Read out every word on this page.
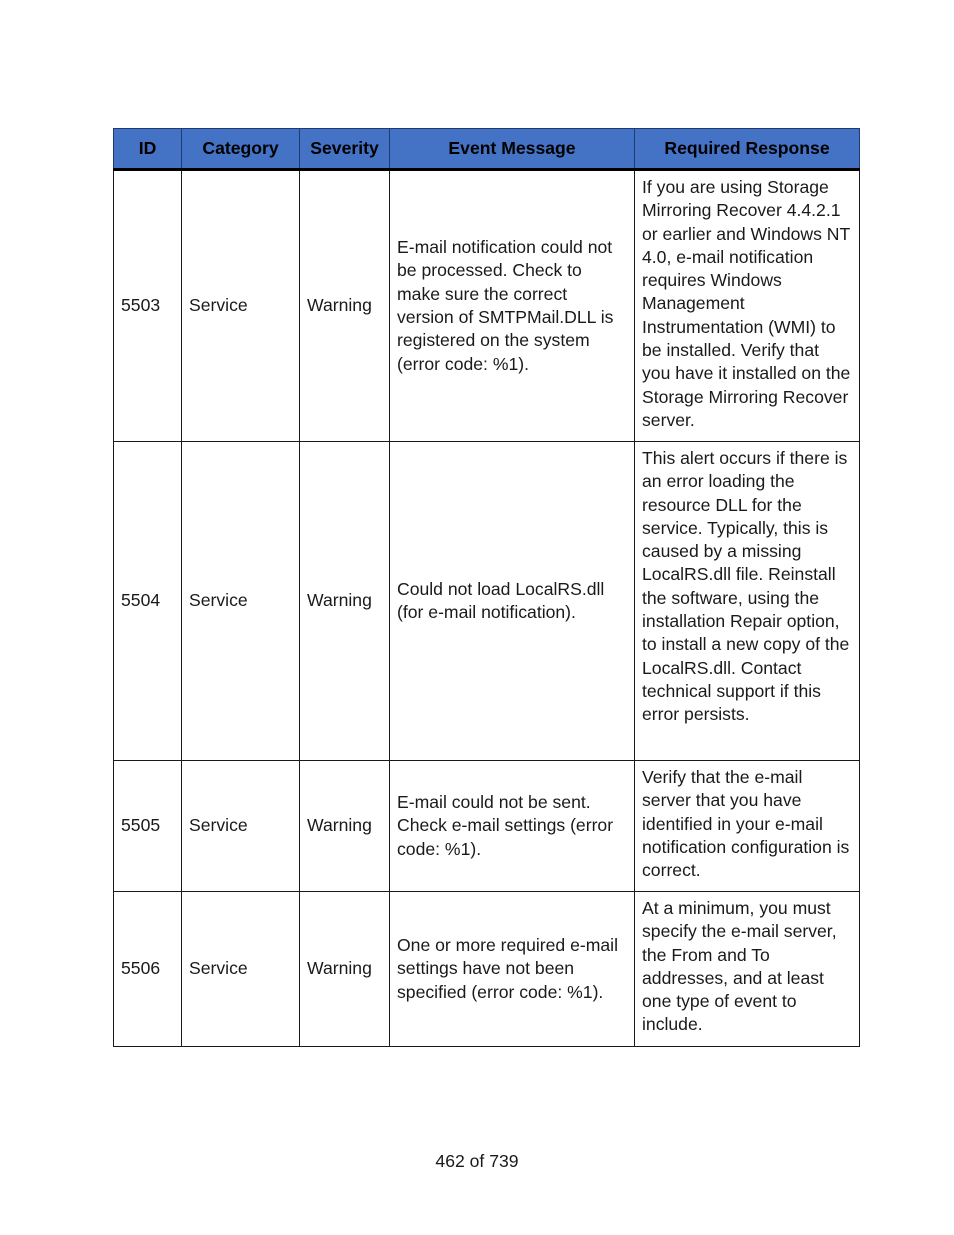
ID	Category	Severity	Event Message	Required Response
5503	Service	Warning	E-mail notification could not be processed. Check to make sure the correct version of SMTPMail.DLL is registered on the system (error code: %1).	If you are using Storage Mirroring Recover 4.4.2.1 or earlier and Windows NT 4.0, e-mail notification requires Windows Management Instrumentation (WMI) to be installed. Verify that you have it installed on the Storage Mirroring Recover server.
5504	Service	Warning	Could not load LocalRS.dll (for e-mail notification).	This alert occurs if there is an error loading the resource DLL for the service. Typically, this is caused by a missing LocalRS.dll file. Reinstall the software, using the installation Repair option, to install a new copy of the LocalRS.dll. Contact technical support if this error persists.
5505	Service	Warning	E-mail could not be sent. Check e-mail settings (error code: %1).	Verify that the e-mail server that you have identified in your e-mail notification configuration is correct.
5506	Service	Warning	One or more required e-mail settings have not been specified (error code: %1).	At a minimum, you must specify the e-mail server, the From and To addresses, and at least one type of event to include.
462 of 739
